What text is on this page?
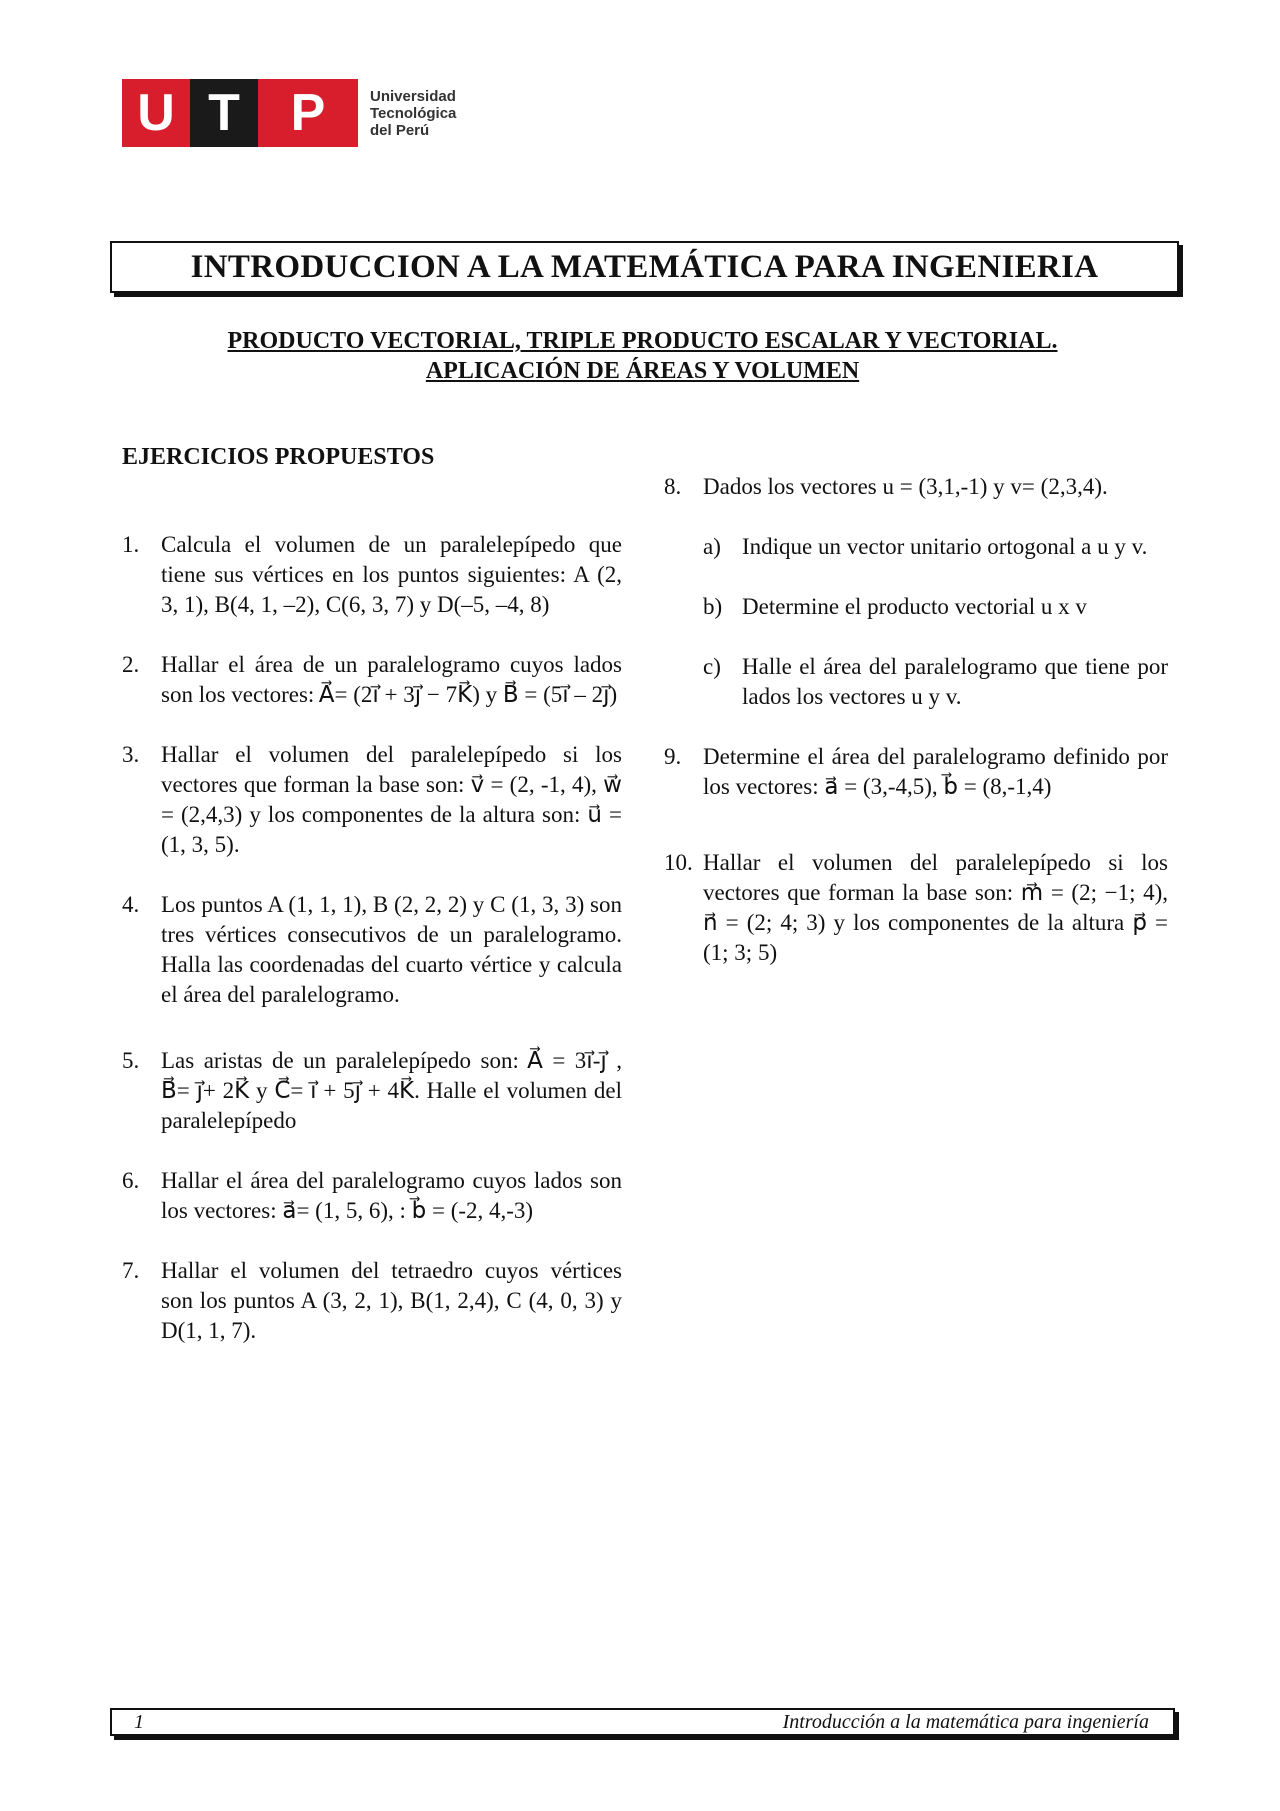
U T P	Universidad
Tecnológica
del Perú
INTRODUCCION A LA MATEMÁTICA PARA INGENIERIA
PRODUCTO VECTORIAL, TRIPLE PRODUCTO ESCALAR Y VECTORIAL.
APLICACIÓN DE ÁREAS Y VOLUMEN
EJERCICIOS PROPUESTOS
1. Calcula el volumen de un paralelepípedo que tiene sus vértices en los puntos siguientes: A (2, 3, 1), B(4, 1, –2), C(6, 3, 7) y D(–5, –4, 8)
2. Hallar el área de un paralelogramo cuyos lados son los vectores: A⃗= (2ı⃗ + 3ȷ⃗ − 7K⃗) y B⃗ = (5ı⃗ – 2ȷ⃗)
3. Hallar el volumen del paralelepípedo si los vectores que forman la base son: v⃗ = (2, -1, 4), w⃗ = (2,4,3) y los componentes de la altura son: u⃗ = (1, 3, 5).
4. Los puntos A (1, 1, 1), B (2, 2, 2) y C (1, 3, 3) son tres vértices consecutivos de un paralelogramo. Halla las coordenadas del cuarto vértice y calcula el área del paralelogramo.
5. Las aristas de un paralelepípedo son: A⃗ = 3ı⃗-ȷ⃗ , B⃗= ȷ⃗+ 2K⃗ y C⃗= ı⃗ + 5ȷ⃗ + 4K⃗. Halle el volumen del paralelepípedo
6. Hallar el área del paralelogramo cuyos lados son los vectores: a⃗= (1, 5, 6), : b⃗ = (-2, 4,-3)
7. Hallar el volumen del tetraedro cuyos vértices son los puntos A (3, 2, 1), B(1, 2,4), C (4, 0, 3) y D(1, 1, 7).
8. Dados los vectores u = (3,1,-1) y v= (2,3,4).
a) Indique un vector unitario ortogonal a u y v.
b) Determine el producto vectorial u x v
c) Halle el área del paralelogramo que tiene por lados los vectores u y v.
9. Determine el área del paralelogramo definido por los vectores: a⃗ = (3,-4,5), b⃗ = (8,-1,4)
10. Hallar el volumen del paralelepípedo si los vectores que forman la base son: m⃗ = (2; −1; 4), n⃗ = (2; 4; 3) y los componentes de la altura p⃗ = (1; 3; 5)
1	Introducción a la matemática para ingeniería
